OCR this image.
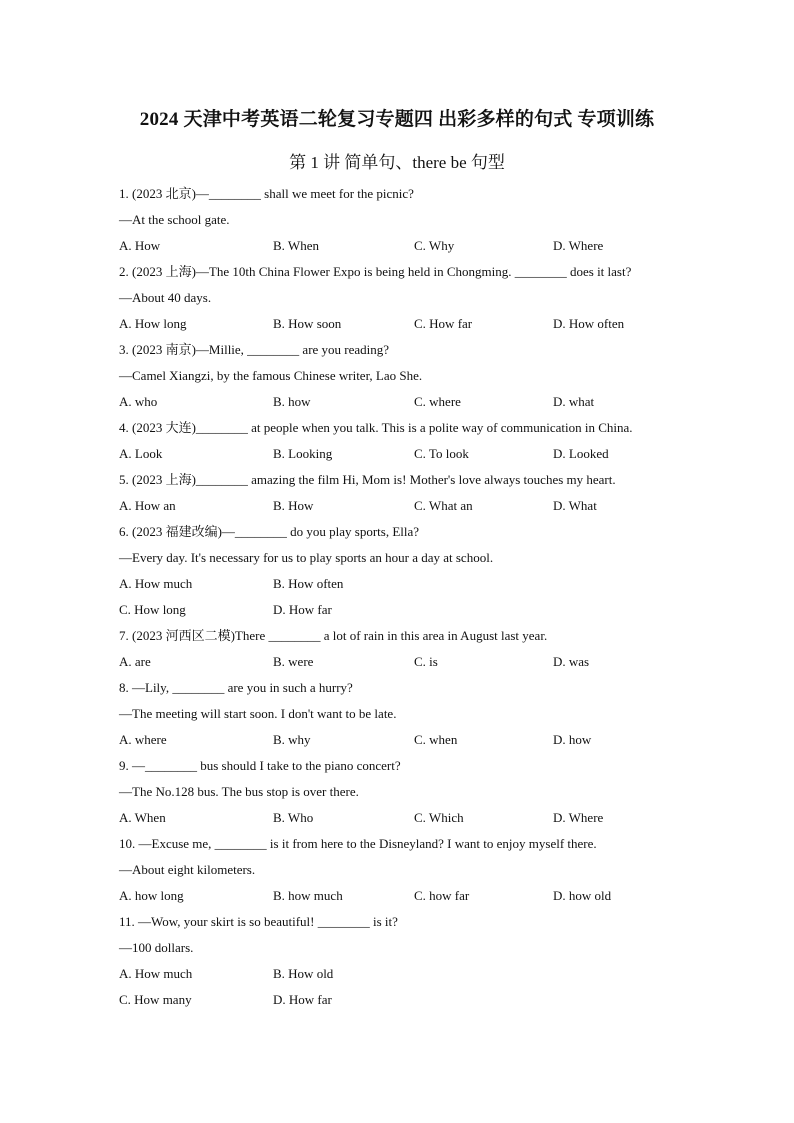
2024 天津中考英语二轮复习专题四 出彩多样的句式 专项训练
第 1 讲 简单句、there be 句型
1. (2023 北京)—________ shall we meet for the picnic?
—At the school gate.
A. How	B. When	C. Why	D. Where
2. (2023 上海)—The 10th China Flower Expo is being held in Chongming. ________ does it last?
—About 40 days.
A. How long	B. How soon	C. How far	D. How often
3. (2023 南京)—Millie, ________ are you reading?
—Camel Xiangzi, by the famous Chinese writer, Lao She.
A. who	B. how	C. where	D. what
4. (2023 大连)________ at people when you talk. This is a polite way of communication in China.
A. Look	B. Looking	C. To look	D. Looked
5. (2023 上海)________ amazing the film Hi, Mom is! Mother's love always touches my heart.
A. How an	B. How	C. What an	D. What
6. (2023 福建改编)—________ do you play sports, Ella?
—Every day. It's necessary for us to play sports an hour a day at school.
A. How much	B. How often
C. How long	D. How far
7. (2023 河西区二模)There ________ a lot of rain in this area in August last year.
A. are	B. were	C. is	D. was
8. —Lily, ________ are you in such a hurry?
—The meeting will start soon. I don't want to be late.
A. where	B. why	C. when	D. how
9. —________ bus should I take to the piano concert?
—The No.128 bus. The bus stop is over there.
A. When	B. Who	C. Which	D. Where
10. —Excuse me, ________ is it from here to the Disneyland? I want to enjoy myself there.
—About eight kilometers.
A. how long	B. how much	C. how far	D. how old
11. —Wow, your skirt is so beautiful! ________ is it?
—100 dollars.
A. How much	B. How old
C. How many	D. How far
